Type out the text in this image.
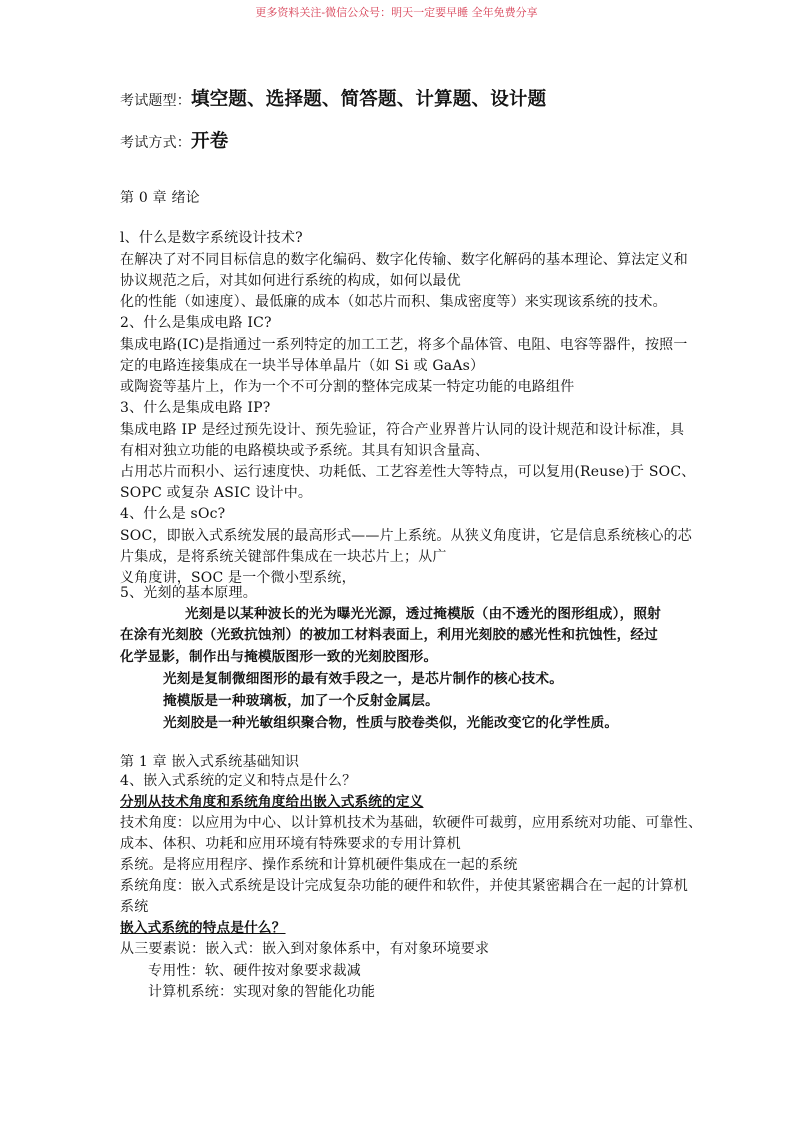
更多资料关注-微信公众号：明天一定要早睡 全年免费分享
考试题型：填空题、选择题、简答题、计算题、设计题
考试方式：开卷
第 0 章 绪论
l、什么是数字系统设计技术?
在解决了对不同目标信息的数字化编码、数字化传输、数字化解码的基本理论、算法定义和
协议规范之后，对其如何进行系统的构成，如何以最优
化的性能（如速度）、最低廉的成本（如芯片而积、集成密度等）来实现该系统的技术。
2、什么是集成电路 IC?
集成电路(IC)是指通过一系列特定的加工工艺，将多个晶体管、电阻、电容等器件，按照一
定的电路连接集成在一块半导体单晶片（如 Si 或 GaAs）
或陶瓷等基片上，作为一个不可分割的整体完成某一特定功能的电路组件
3、什么是集成电路 IP?
集成电路 IP 是经过预先设计、预先验证，符合产业界普片认同的设计规范和设计标准，具
有相对独立功能的电路模块或予系统。其具有知识含量高、
占用芯片而积小、运行速度快、功耗低、工艺容差性大等特点，可以复用(Reuse)于 SOC、
SOPC 或复杂 ASIC 设计中。
4、什么是 sOc?
SOC，即嵌入式系统发展的最高形式——片上系统。从狭义角度讲，它是信息系统核心的芯
片集成，是将系统关键部件集成在一块芯片上；从广
义角度讲，SOC 是一个微小型系统，
5、光刻的基本原理。
光刻是以某种波长的光为曝光光源，透过掩模版（由不透光的图形组成），照射
在涂有光刻胶（光致抗蚀剂）的被加工材料表面上，利用光刻胶的感光性和抗蚀性，经过
化学显影，制作出与掩模版图形一致的光刻胶图形。
光刻是复制微细图形的最有效手段之一，是芯片制作的核心技术。
掩模版是一种玻璃板，加了一个反射金属层。
光刻胶是一种光敏组织聚合物，性质与胶卷类似，光能改变它的化学性质。
第 1 章 嵌入式系统基础知识
4、嵌入式系统的定义和特点是什么？
分别从技术角度和系统角度给出嵌入式系统的定义
技术角度：以应用为中心、以计算机技术为基础，软硬件可裁剪，应用系统对功能、可靠性、
成本、体积、功耗和应用环境有特殊要求的专用计算机
系统。是将应用程序、操作系统和计算机硬件集成在一起的系统
系统角度：嵌入式系统是设计完成复杂功能的硬件和软件，并使其紧密耦合在一起的计算机
系统
嵌入式系统的特点是什么？
从三要素说：嵌入式：嵌入到对象体系中，有对象环境要求
专用性：软、硬件按对象要求裁减
计算机系统：实现对象的智能化功能
